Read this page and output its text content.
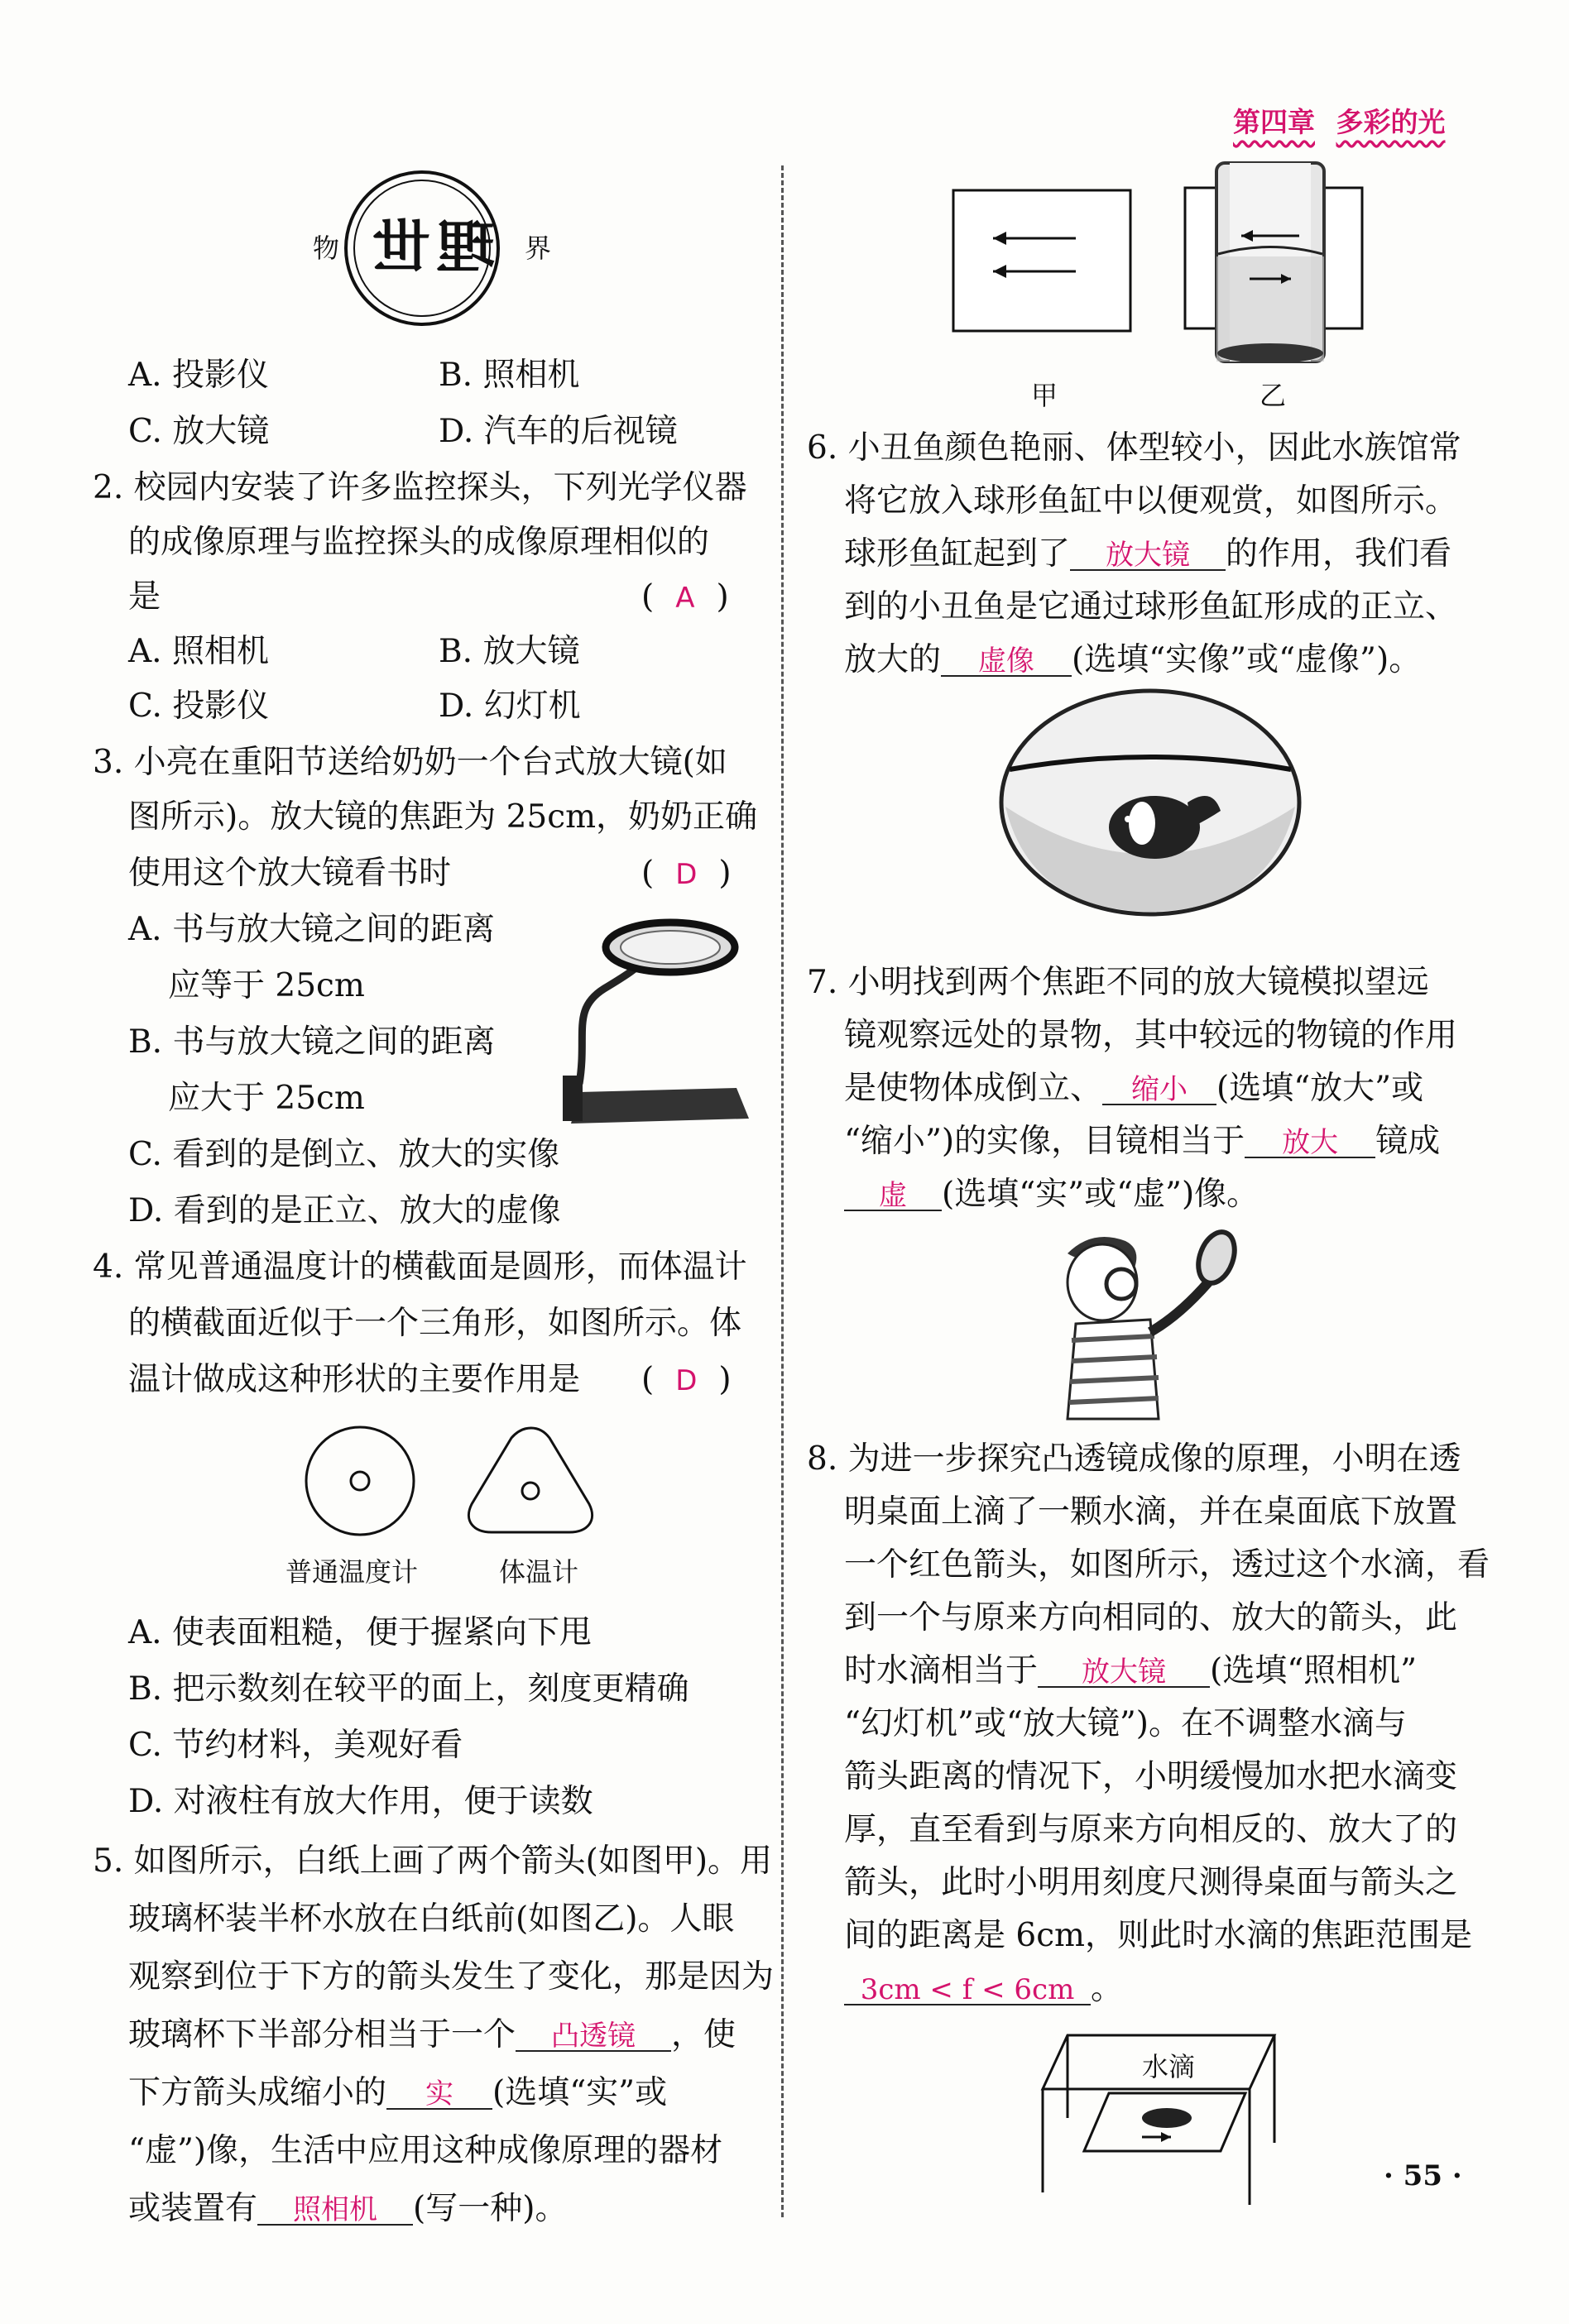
第四章 多彩的光
物 理世 界
A. 投影仪	B. 照相机
C. 放大镜	D. 汽车的后视镜
2. 校园内安装了许多监控探头，下列光学仪器
的成像原理与监控探头的成像原理相似的
是	( A )
A. 照相机	B. 放大镜
C. 投影仪	D. 幻灯机
3. 小亮在重阳节送给奶奶一个台式放大镜(如
图所示)。放大镜的焦距为 25cm，奶奶正确
使用这个放大镜看书时	( D )
A. 书与放大镜之间的距离
应等于 25cm
B. 书与放大镜之间的距离
应大于 25cm
C. 看到的是倒立、放大的实像
D. 看到的是正立、放大的虚像
4. 常见普通温度计的横截面是圆形，而体温计
的横截面近似于一个三角形，如图所示。体
温计做成这种形状的主要作用是 ( D )
普通温度计	体温计
A. 使表面粗糙，便于握紧向下甩
B. 把示数刻在较平的面上，刻度更精确
C. 节约材料，美观好看
D. 对液柱有放大作用，便于读数
5. 如图所示，白纸上画了两个箭头(如图甲)。用
玻璃杯装半杯水放在白纸前(如图乙)。人眼
观察到位于下方的箭头发生了变化，那是因为
玻璃杯下半部分相当于一个 凸透镜 ，使
下方箭头成缩小的 实 (选填“实”或
“虚”)像，生活中应用这种成像原理的器材
或装置有 照相机 (写一种)。
甲	乙
6. 小丑鱼颜色艳丽、体型较小，因此水族馆常
将它放入球形鱼缸中以便观赏，如图所示。
球形鱼缸起到了 放大镜 的作用，我们看
到的小丑鱼是它通过球形鱼缸形成的正立、
放大的 虚像 (选填“实像”或“虚像”)。
7. 小明找到两个焦距不同的放大镜模拟望远
镜观察远处的景物，其中较远的物镜的作用
是使物体成倒立、 缩小 (选填“放大”或
“缩小”)的实像，目镜相当于 放大 镜成
虚 (选填“实”或“虚”)像。
8. 为进一步探究凸透镜成像的原理，小明在透
明桌面上滴了一颗水滴，并在桌面底下放置
一个红色箭头，如图所示，透过这个水滴，看
到一个与原来方向相同的、放大的箭头，此
时水滴相当于 放大镜 (选填“照相机”
“幻灯机”或“放大镜”)。在不调整水滴与
箭头距离的情况下，小明缓慢加水把水滴变
厚，直至看到与原来方向相反的、放大了的
箭头，此时小明用刻度尺测得桌面与箭头之
间的距离是 6cm，则此时水滴的焦距范围是
3cm < f < 6cm 。
水滴
· 55 ·
